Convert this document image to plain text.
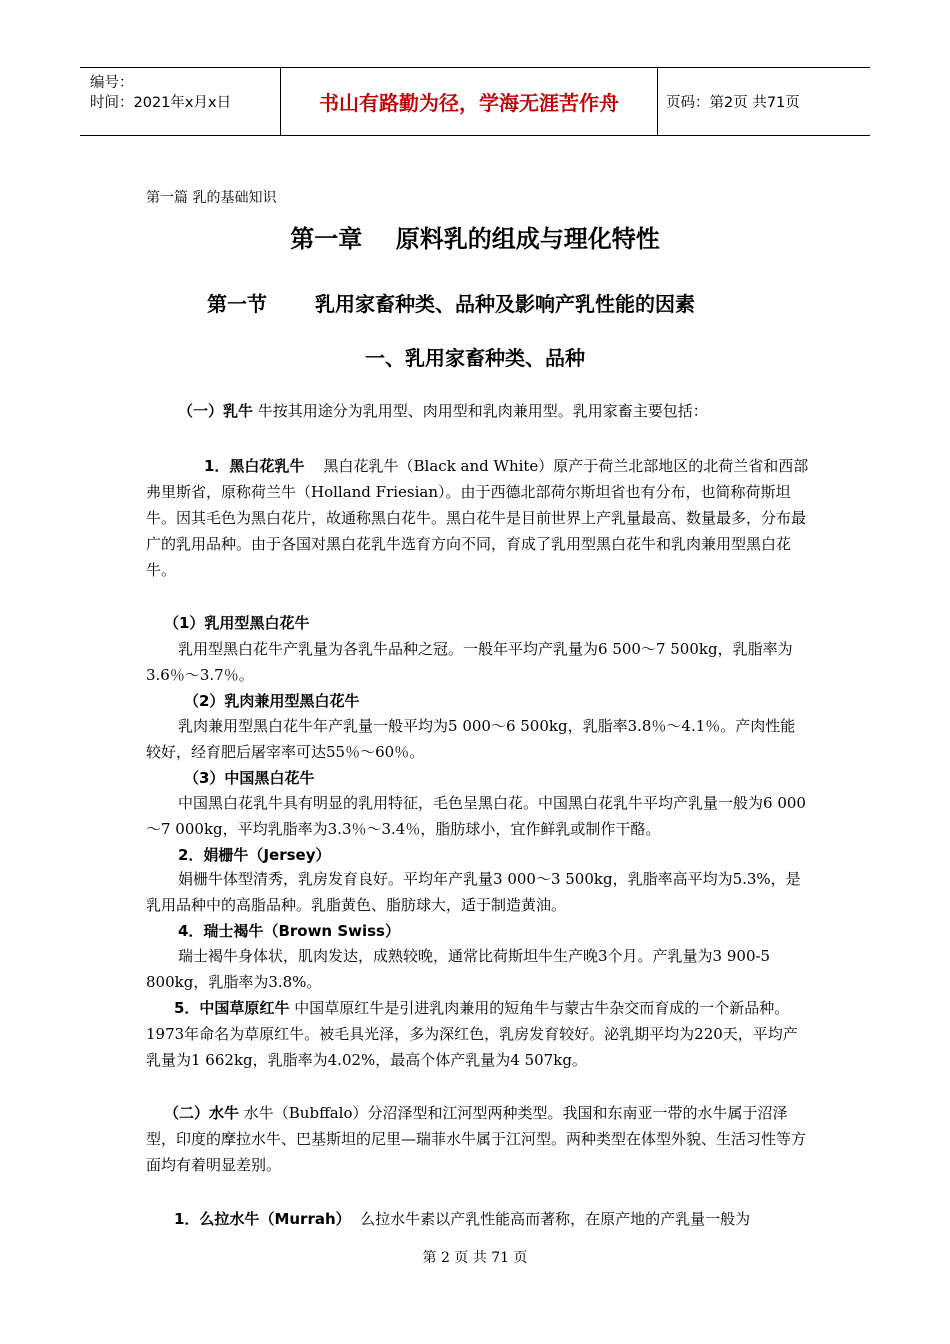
编号：
时间：2021年x月x日	书山有路勤为径，学海无涯苦作舟	页码：第2页 共71页
第一篇 乳的基础知识
第一章    原料乳的组成与理化特性
第一节 乳用家畜种类、品种及影响产乳性能的因素
一、乳用家畜种类、品种

（一）乳牛 牛按其用途分为乳用型、肉用型和乳肉兼用型。乳用家畜主要包括：

1．黑白花乳牛    黑白花乳牛（Black and White）原产于荷兰北部地区的北荷兰省和西部弗里斯省，原称荷兰牛（Holland Friesian）。由于西德北部荷尔斯坦省也有分布，也简称荷斯坦牛。因其毛色为黑白花片，故通称黑白花牛。黑白花牛是目前世界上产乳量最高、数量最多，分布最广的乳用品种。由于各国对黑白花乳牛选育方向不同，育成了乳用型黑白花牛和乳肉兼用型黑白花牛。

（1）乳用型黑白花牛

乳用型黑白花牛产乳量为各乳牛品种之冠。一般年平均产乳量为6 500～7 500kg，乳脂率为3.6％～3.7％。

（2）乳肉兼用型黑白花牛

乳肉兼用型黑白花牛年产乳量一般平均为5 000～6 500kg，乳脂率3.8％～4.1％。产肉性能较好，经育肥后屠宰率可达55％～60％。

（3）中国黑白花牛

中国黑白花乳牛具有明显的乳用特征，毛色呈黑白花。中国黑白花乳牛平均产乳量一般为6 000～7 000kg，平均乳脂率为3.3％～3.4％，脂肪球小，宜作鲜乳或制作干酪。

2．娟栅牛（Jersey）

娟栅牛体型清秀，乳房发育良好。平均年产乳量3 000～3 500kg，乳脂率高平均为5.3%，是乳用品种中的高脂品种。乳脂黄色、脂肪球大，适于制造黄油。

4．瑞士褐牛（Brown Swiss）

瑞士褐牛身体状，肌肉发达，成熟较晚，通常比荷斯坦牛生产晚3个月。产乳量为3 900-5 800kg，乳脂率为3.8%。

5．中国草原红牛 中国草原红牛是引进乳肉兼用的短角牛与蒙古牛杂交而育成的一个新品种。1973年命名为草原红牛。被毛具光泽，多为深红色，乳房发育较好。泌乳期平均为220天，平均产乳量为1 662kg，乳脂率为4.02%，最高个体产乳量为4 507kg。

（二）水牛 水牛（Bubffalo）分沼泽型和江河型两种类型。我国和东南亚一带的水牛属于沼泽型，印度的摩拉水牛、巴基斯坦的尼里—瑞菲水牛属于江河型。两种类型在体型外貌、生活习性等方面均有着明显差别。

1．么拉水牛（Murrah）  么拉水牛素以产乳性能高而著称，在原产地的产乳量一般为

第 2 页 共 71 页
